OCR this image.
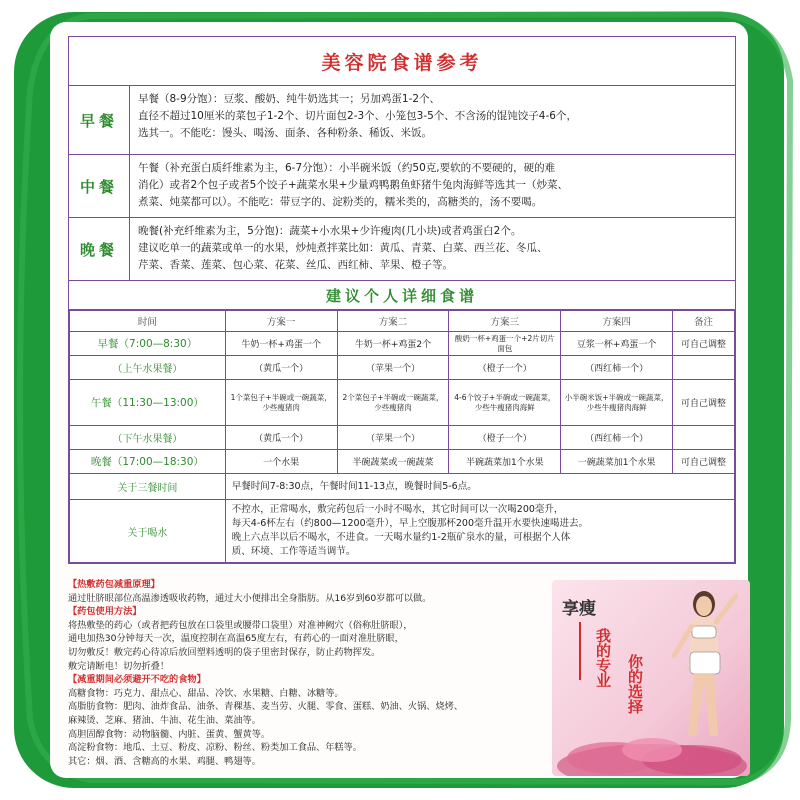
美容院食谱参考
早餐
早餐（8-9分饱）：豆浆、酸奶、纯牛奶选其一；另加鸡蛋1-2个、
直径不超过10厘米的菜包子1-2个、切片面包2-3个、小笼包3-5个、不含汤的馄饨饺子4-6个，
选其一。不能吃：馒头、喝汤、面条、各种粉条、稀饭、米饭。
中餐
午餐（补充蛋白质纤维素为主，6-7分饱）：小半碗米饭（约50克,要软的不要硬的，硬的难
消化）或者2个包子或者5个饺子+蔬菜水果+少量鸡鸭鹅鱼虾猪牛兔肉海鲜等选其一（炒菜、
煮菜、炖菜都可以）。不能吃：带豆字的、淀粉类的，糯米类的，高糖类的，汤不要喝。
晚餐
晚餐(补充纤维素为主，5分饱)：蔬菜+小水果+少许瘦肉(几小块)或者鸡蛋白2个。
建议吃单一的蔬菜或单一的水果，炒炖煮拌菜比如：黄瓜、青菜、白菜、西兰花、冬瓜、
芹菜、香菜、莲菜、包心菜、花菜、丝瓜、西红柿、苹果、橙子等。
建议个人详细食谱
时间	方案一	方案二	方案三	方案四	备注
早餐（7:00—8:30）	牛奶一杯+鸡蛋一个	牛奶一杯+鸡蛋2个	酸奶一杯+鸡蛋一个+2片切片面包	豆浆一杯+鸡蛋一个	可自己调整
（上午水果餐）	（黄瓜一个）	（苹果一个）	（橙子一个）	（西红柿一个）	
午餐（11:30—13:00）	1个菜包子+半碗或一碗蔬菜，少些瘦猪肉	2个菜包子+半碗或一碗蔬菜，少些瘦猪肉	4-6个饺子+半碗或一碗蔬菜，少些牛瘦猪肉海鲜	小半碗米饭+半碗或一碗蔬菜，少些牛瘦猪肉海鲜	可自己调整
（下午水果餐）	（黄瓜一个）	（苹果一个）	（橙子一个）	（西红柿一个）	
晚餐（17:00—18:30）	一个水果	半碗蔬菜或一碗蔬菜	半碗蔬菜加1个水果	一碗蔬菜加1个水果	可自己调整
关于三餐时间	早餐时间7-8:30点，午餐时间11-13点，晚餐时间5-6点。				
关于喝水	不控水，正常喝水，敷完药包后一小时不喝水，其它时间可以一次喝200毫升，
每天4-6杯左右（约800—1200毫升），早上空腹那杯200毫升温开水要快速喝进去。
晚上六点半以后不喝水，不进食。一天喝水量约1-2瓶矿泉水的量，可根据个人体
质、环境、工作等适当调节。				
【热敷药包减重原理】
通过肚脐眼部位高温渗透吸收药物，通过大小便排出全身脂肪。从16岁到60岁都可以做。
【药包使用方法】
将热敷垫的药心（或者把药包放在口袋里或腰带口袋里）对准神阙穴（俗称肚脐眼），
通电加热30分钟每天一次，温度控制在高温65度左右，有药心的一面对准肚脐眼，
切勿敷反！敷完药心待凉后放回塑料透明的袋子里密封保存，防止药物挥发。
敷完请断电！切勿折叠！
【减重期间必须避开不吃的食物】
高糖食物：巧克力、甜点心、甜品、冷饮、水果糖、白糖、冰糖等。
高脂肪食物：肥肉、油炸食品、油条、青稞基、麦当劳、火腿、零食、蛋糕、奶油、火锅、烧烤、
麻辣烫、芝麻、猪油、牛油、花生油、菜油等。
高胆固醇食物：动物脑髓、内脏、蛋黄、蟹黄等。
高淀粉食物：地瓜、土豆、粉皮、凉粉、粉丝、粉类加工食品、年糕等。
其它：烟、酒、含糖高的水果、鸡腿、鸭翅等。
享瘦
我的专业 你的选择
